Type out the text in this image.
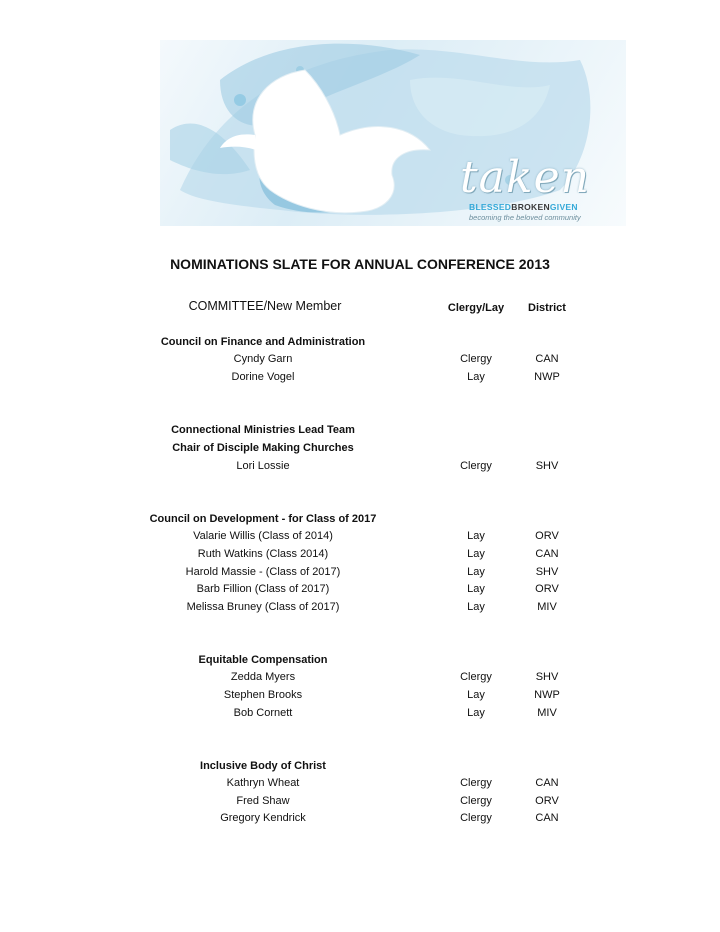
taken
BLESSEDBROKENGIVEN
becoming the beloved community
NOMINATIONS SLATE FOR ANNUAL CONFERENCE 2013
COMMITTEE/New Member	Clergy/Lay	District
Council on Finance and Administration
Cyndy Garn	Clergy	CAN
Dorine Vogel	Lay	NWP
Connectional Ministries Lead Team
Chair of Disciple Making Churches
Lori Lossie	Clergy	SHV
Council on Development - for Class of 2017
Valarie Willis (Class of 2014)	Lay	ORV
Ruth Watkins (Class 2014)	Lay	CAN
Harold Massie - (Class of 2017)	Lay	SHV
Barb Fillion (Class of 2017)	Lay	ORV
Melissa Bruney (Class of 2017)	Lay	MIV
Equitable Compensation
Zedda Myers	Clergy	SHV
Stephen Brooks	Lay	NWP
Bob Cornett	Lay	MIV
Inclusive Body of Christ
Kathryn Wheat	Clergy	CAN
Fred Shaw	Clergy	ORV
Gregory Kendrick	Clergy	CAN
